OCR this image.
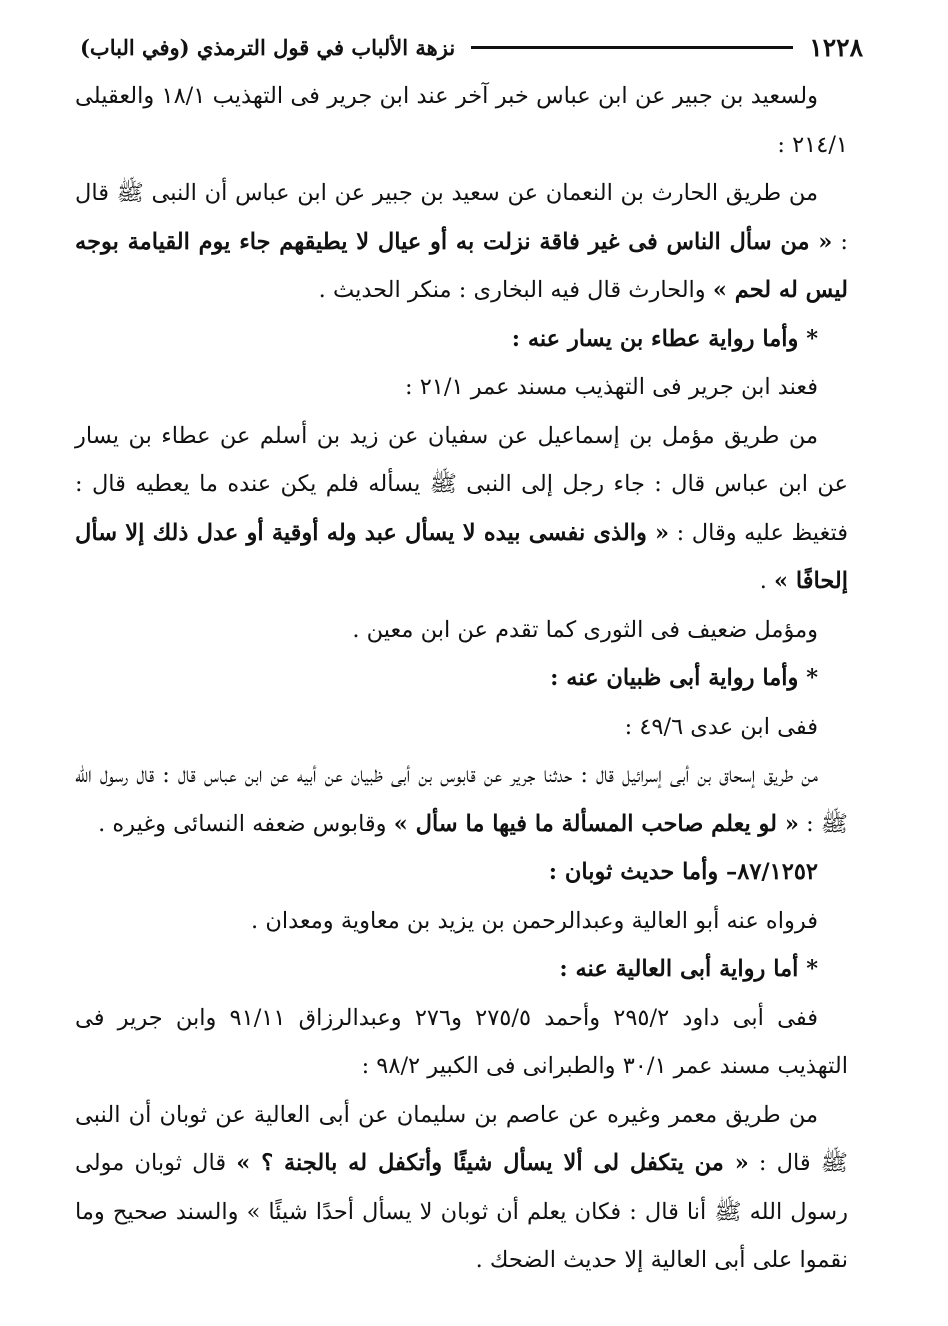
١٢٢٨
نزهة الألباب في قول الترمذي (وفي الباب)

ولسعيد بن جبير عن ابن عباس خبر آخر عند ابن جرير فى التهذيب ١٨/١ والعقيلى ٢١٤/١ :

من طريق الحارث بن النعمان عن سعيد بن جبير عن ابن عباس أن النبى ﷺ قال : « من سأل الناس فى غير فاقة نزلت به أو عيال لا يطيقهم جاء يوم القيامة بوجه ليس له لحم » والحارث قال فيه البخارى : منكر الحديث .

* وأما رواية عطاء بن يسار عنه :

فعند ابن جرير فى التهذيب مسند عمر ٢١/١ :

من طريق مؤمل بن إسماعيل عن سفيان عن زيد بن أسلم عن عطاء بن يسار عن ابن عباس قال : جاء رجل إلى النبى ﷺ يسأله فلم يكن عنده ما يعطيه قال : فتغيظ عليه وقال : « والذى نفسى بيده لا يسأل عبد وله أوقية أو عدل ذلك إلا سأل إلحافًا » .

ومؤمل ضعيف فى الثورى كما تقدم عن ابن معين .

* وأما رواية أبى ظبيان عنه :

ففى ابن عدى ٤٩/٦ :

من طريق إسحاق بن أبى إسرائيل قال : حدثنا جرير عن قابوس بن أبى ظبيان عن أبيه عن ابن عباس قال : قال رسول الله ﷺ : « لو يعلم صاحب المسألة ما فيها ما سأل » وقابوس ضعفه النسائى وغيره .

٨٧/١٢٥٢– وأما حديث ثوبان :

فرواه عنه أبو العالية وعبدالرحمن بن يزيد بن معاوية ومعدان .

* أما رواية أبى العالية عنه :

ففى أبى داود ٢٩٥/٢ وأحمد ٢٧٥/٥ و٢٧٦ وعبدالرزاق ٩١/١١ وابن جرير فى التهذيب مسند عمر ٣٠/١ والطبرانى فى الكبير ٩٨/٢ :

من طريق معمر وغيره عن عاصم بن سليمان عن أبى العالية عن ثوبان أن النبى ﷺ قال : « من يتكفل لى ألا يسأل شيئًا وأتكفل له بالجنة ؟ » قال ثوبان مولى رسول الله ﷺ أنا قال : فكان يعلم أن ثوبان لا يسأل أحدًا شيئًا » والسند صحيح وما نقموا على أبى العالية إلا حديث الضحك .
